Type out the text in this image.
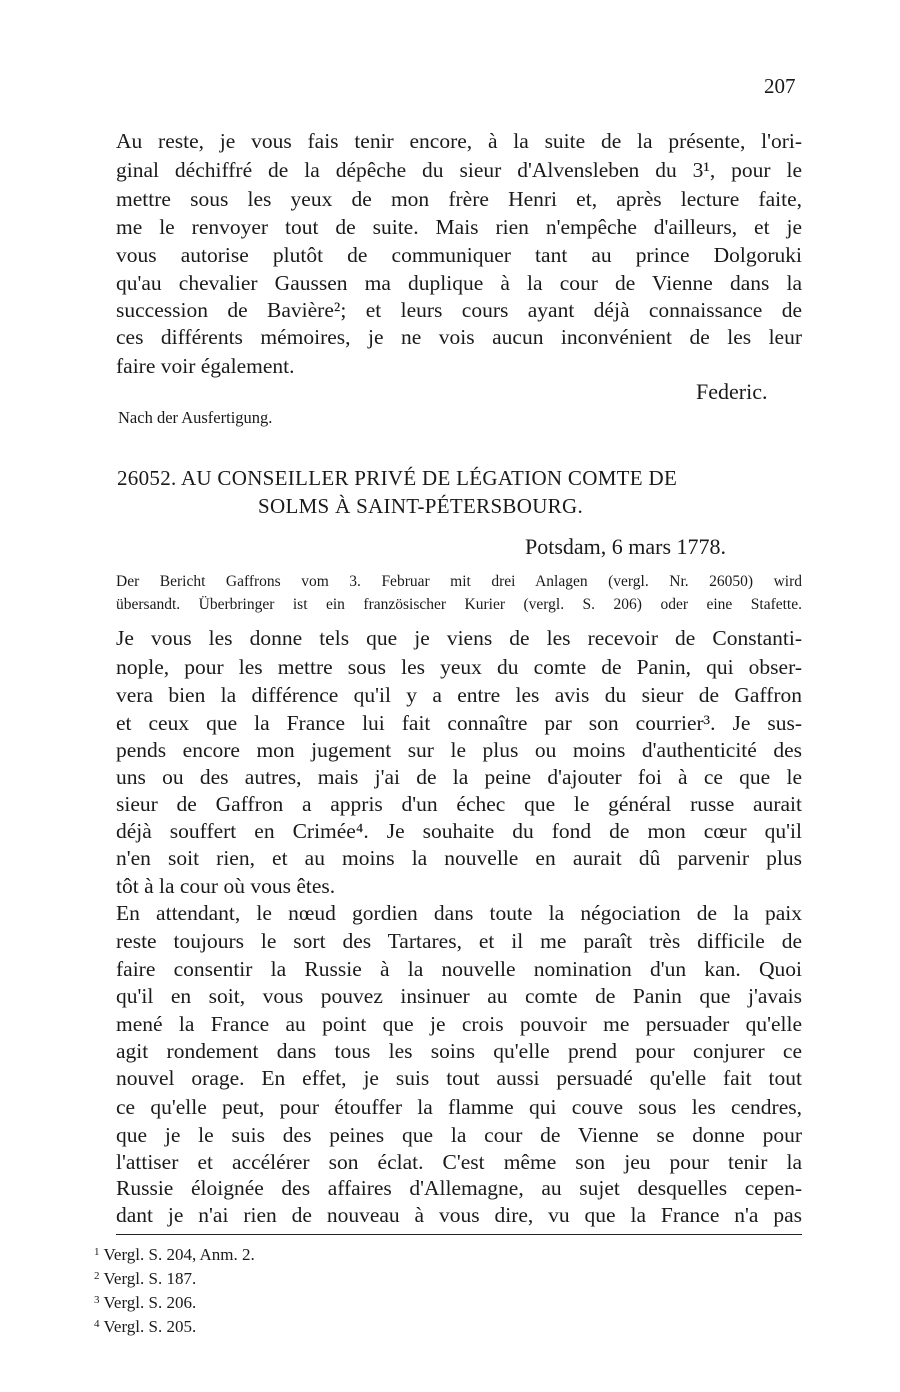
207
Au reste, je vous fais tenir encore, à la suite de la présente, l'ori-
ginal déchiffré de la dépêche du sieur d'Alvensleben du 3¹, pour le
mettre sous les yeux de mon frère Henri et, après lecture faite,
me le renvoyer tout de suite. Mais rien n'empêche d'ailleurs, et je
vous autorise plutôt de communiquer tant au prince Dolgoruki
qu'au chevalier Gaussen ma duplique à la cour de Vienne dans la
succession de Bavière²; et leurs cours ayant déjà connaissance de
ces différents mémoires, je ne vois aucun inconvénient de les leur
faire voir également.
Federic.
Nach der Ausfertigung.
26052. AU CONSEILLER PRIVÉ DE LÉGATION COMTE DE
SOLMS À SAINT-PÉTERSBOURG.
Potsdam, 6 mars 1778.
Der Bericht Gaffrons vom 3. Februar mit drei Anlagen (vergl. Nr. 26050) wird
übersandt. Überbringer ist ein französischer Kurier (vergl. S. 206) oder eine Stafette.
Je vous les donne tels que je viens de les recevoir de Constanti-
nople, pour les mettre sous les yeux du comte de Panin, qui obser-
vera bien la différence qu'il y a entre les avis du sieur de Gaffron
et ceux que la France lui fait connaître par son courrier³. Je sus-
pends encore mon jugement sur le plus ou moins d'authenticité des
uns ou des autres, mais j'ai de la peine d'ajouter foi à ce que le
sieur de Gaffron a appris d'un échec que le général russe aurait
déjà souffert en Crimée⁴. Je souhaite du fond de mon cœur qu'il
n'en soit rien, et au moins la nouvelle en aurait dû parvenir plus
tôt à la cour où vous êtes.
En attendant, le nœud gordien dans toute la négociation de la paix
reste toujours le sort des Tartares, et il me paraît très difficile de
faire consentir la Russie à la nouvelle nomination d'un kan. Quoi
qu'il en soit, vous pouvez insinuer au comte de Panin que j'avais
mené la France au point que je crois pouvoir me persuader qu'elle
agit rondement dans tous les soins qu'elle prend pour conjurer ce
nouvel orage. En effet, je suis tout aussi persuadé qu'elle fait tout
ce qu'elle peut, pour étouffer la flamme qui couve sous les cendres,
que je le suis des peines que la cour de Vienne se donne pour
l'attiser et accélérer son éclat. C'est même son jeu pour tenir la
Russie éloignée des affaires d'Allemagne, au sujet desquelles cepen-
dant je n'ai rien de nouveau à vous dire, vu que la France n'a pas
$^1$ Vergl. S. 204, Anm. 2.
$^2$ Vergl. S. 187.
$^3$ Vergl. S. 206.
$^4$ Vergl. S. 205.
